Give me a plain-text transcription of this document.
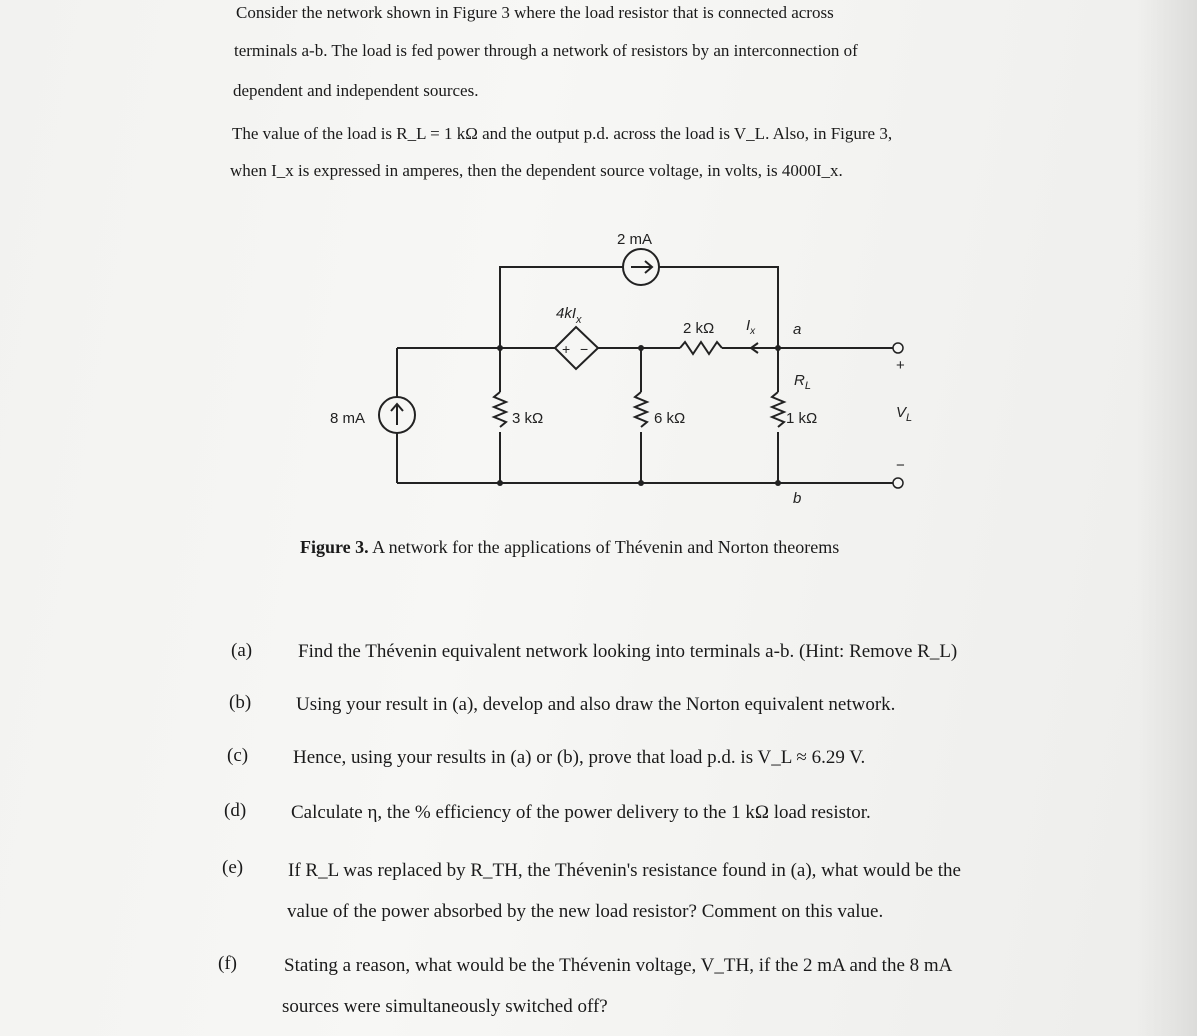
Consider the network shown in Figure 3 where the load resistor that is connected across

terminals a-b. The load is fed power through a network of resistors by an interconnection of

dependent and independent sources.

The value of the load is R_L = 1 kΩ and the output p.d. across the load is V_L. Also, in Figure 3,

when I_x is expressed in amperes, then the dependent source voltage, in volts, is 4000I_x.

8 mA
2 mA
$4kI_x$
+ −
3 kΩ
2 kΩ
6 kΩ	1 kΩ
$R_L$
$I_x$	a
b
+
$V_L$
−
Figure 3. A network for the applications of Thévenin and Norton theorems
(a) Find the Thévenin equivalent network looking into terminals a-b. (Hint: Remove R_L)
(b) Using your result in (a), develop and also draw the Norton equivalent network.
(c) Hence, using your results in (a) or (b), prove that load p.d. is V_L ≈ 6.29 V.
(d) Calculate η, the % efficiency of the power delivery to the 1 kΩ load resistor.
(e) If R_L was replaced by R_TH, the Thévenin's resistance found in (a), what would be the
value of the power absorbed by the new load resistor? Comment on this value.
(f) Stating a reason, what would be the Thévenin voltage, V_TH, if the 2 mA and the 8 mA
sources were simultaneously switched off?
